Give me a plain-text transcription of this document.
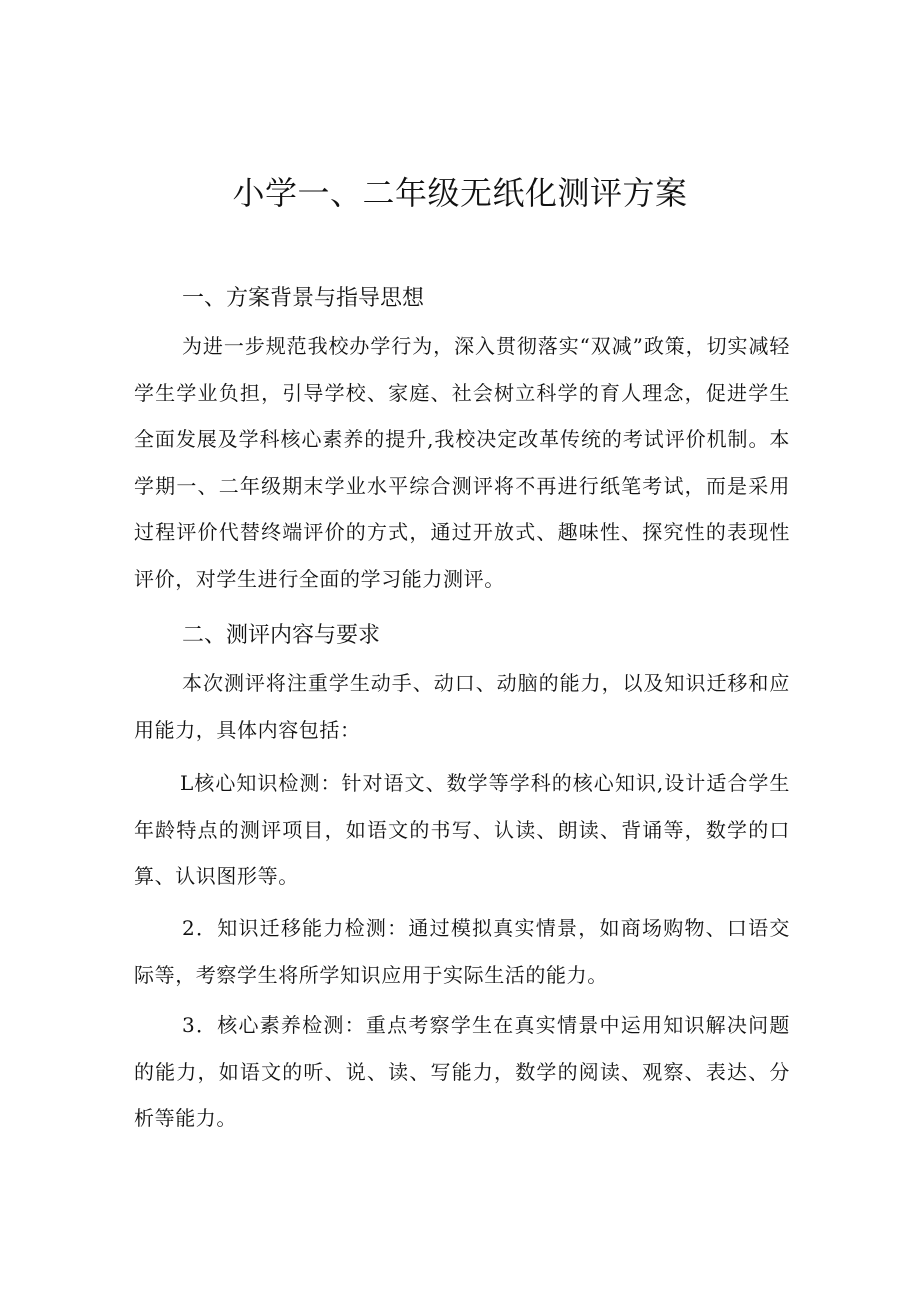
小学一、二年级无纸化测评方案
一、方案背景与指导思想

为进一步规范我校办学行为，深入贯彻落实“双减”政策，切实减轻学生学业负担，引导学校、家庭、社会树立科学的育人理念，促进学生全面发展及学科核心素养的提升,我校决定改革传统的考试评价机制。本学期一、二年级期末学业水平综合测评将不再进行纸笔考试，而是采用过程评价代替终端评价的方式，通过开放式、趣味性、探究性的表现性评价，对学生进行全面的学习能力测评。

二、测评内容与要求

本次测评将注重学生动手、动口、动脑的能力，以及知识迁移和应用能力，具体内容包括：

L核心知识检测：针对语文、数学等学科的核心知识,设计适合学生年龄特点的测评项目，如语文的书写、认读、朗读、背诵等，数学的口算、认识图形等。

2．知识迁移能力检测：通过模拟真实情景，如商场购物、口语交际等，考察学生将所学知识应用于实际生活的能力。

3．核心素养检测：重点考察学生在真实情景中运用知识解决问题的能力，如语文的听、说、读、写能力，数学的阅读、观察、表达、分析等能力。
